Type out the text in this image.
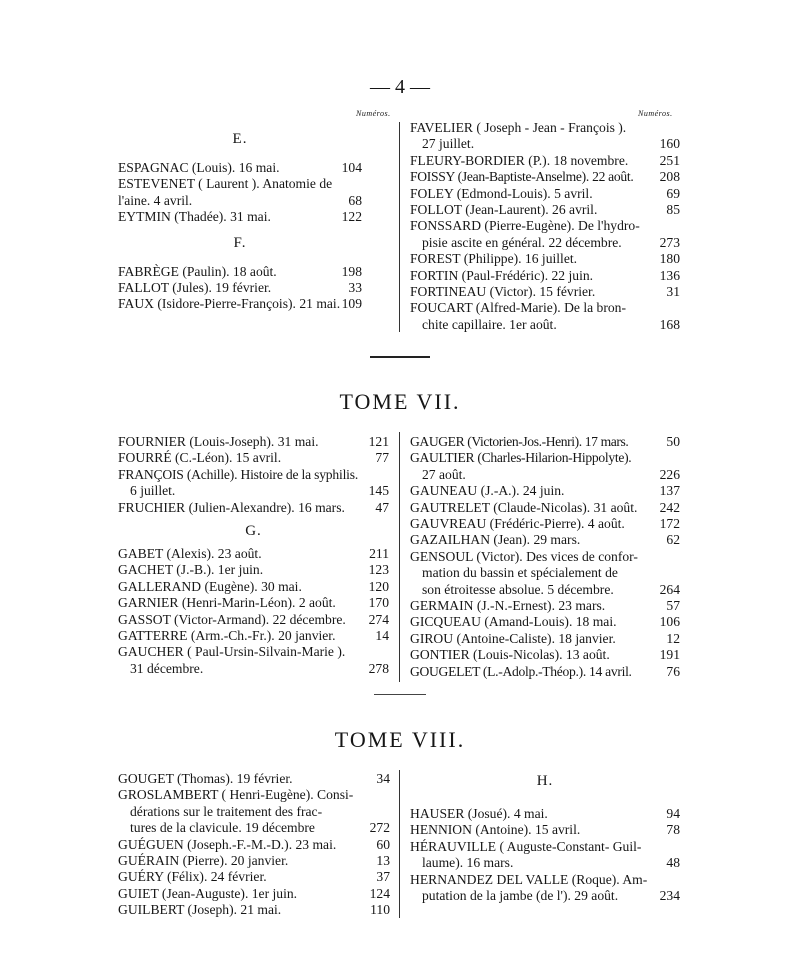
— 4 —
Numéros.	Numéros.
E.
ESPAGNAC (Louis). 16 mai.	104
ESTEVENET ( Laurent ). Anatomie de
l'aine. 4 avril.	68
EYTMIN (Thadée). 31 mai.	122
F.
FABRÈGE (Paulin). 18 août.	198
FALLOT (Jules). 19 février.	33
FAUX (Isidore-Pierre-François). 21 mai. 109
FAVELIER ( Joseph - Jean - François ).
27 juillet.	160
FLEURY-BORDIER (P.). 18 novembre.	251
FOISSY (Jean-Baptiste-Anselme). 22 août.	208
FOLEY (Edmond-Louis). 5 avril.	69
FOLLOT (Jean-Laurent). 26 avril.	85
FONSSARD (Pierre-Eugène). De l'hydro-
pisie ascite en général. 22 décembre.	273
FOREST (Philippe). 16 juillet.	180
FORTIN (Paul-Frédéric). 22 juin.	136
FORTINEAU (Victor). 15 février.	31
FOUCART (Alfred-Marie). De la bron-
chite capillaire. 1er août.	168
TOME VII.
FOURNIER (Louis-Joseph). 31 mai.	121
FOURRÉ (C.-Léon). 15 avril.	77
FRANÇOIS (Achille). Histoire de la syphilis.
6 juillet.	145
FRUCHIER (Julien-Alexandre). 16 mars.	47
G.
GABET (Alexis). 23 août.	211
GACHET (J.-B.). 1er juin.	123
GALLERAND (Eugène). 30 mai.	120
GARNIER (Henri-Marin-Léon). 2 août.	170
GASSOT (Victor-Armand). 22 décembre.	274
GATTERRE (Arm.-Ch.-Fr.). 20 janvier.	14
GAUCHER ( Paul-Ursin-Silvain-Marie ).
31 décembre.	278
GAUGER (Victorien-Jos.-Henri). 17 mars.	50
GAULTIER (Charles-Hilarion-Hippolyte).
27 août.	226
GAUNEAU (J.-A.). 24 juin.	137
GAUTRELET (Claude-Nicolas). 31 août.	242
GAUVREAU (Frédéric-Pierre). 4 août.	172
GAZAILHAN (Jean). 29 mars.	62
GENSOUL (Victor). Des vices de confor-
mation du bassin et spécialement de
son étroitesse absolue. 5 décembre.	264
GERMAIN (J.-N.-Ernest). 23 mars.	57
GICQUEAU (Amand-Louis). 18 mai.	106
GIROU (Antoine-Caliste). 18 janvier.	12
GONTIER (Louis-Nicolas). 13 août.	191
GOUGELET (L.-Adolp.-Théop.). 14 avril.	76
TOME VIII.
GOUGET (Thomas). 19 février.	34
GROSLAMBERT ( Henri-Eugène). Consi-
dérations sur le traitement des frac-
tures de la clavicule. 19 décembre	272
GUÉGUEN (Joseph.-F.-M.-D.). 23 mai.	60
GUÉRAIN (Pierre). 20 janvier.	13
GUÉRY (Félix). 24 février.	37
GUIET (Jean-Auguste). 1er juin.	124
GUILBERT (Joseph). 21 mai.	110
H.
HAUSER (Josué). 4 mai.	94
HENNION (Antoine). 15 avril.	78
HÉRAUVILLE ( Auguste-Constant- Guil-
laume). 16 mars.	48
HERNANDEZ DEL VALLE (Roque). Am-
putation de la jambe (de l'). 29 août.	234
